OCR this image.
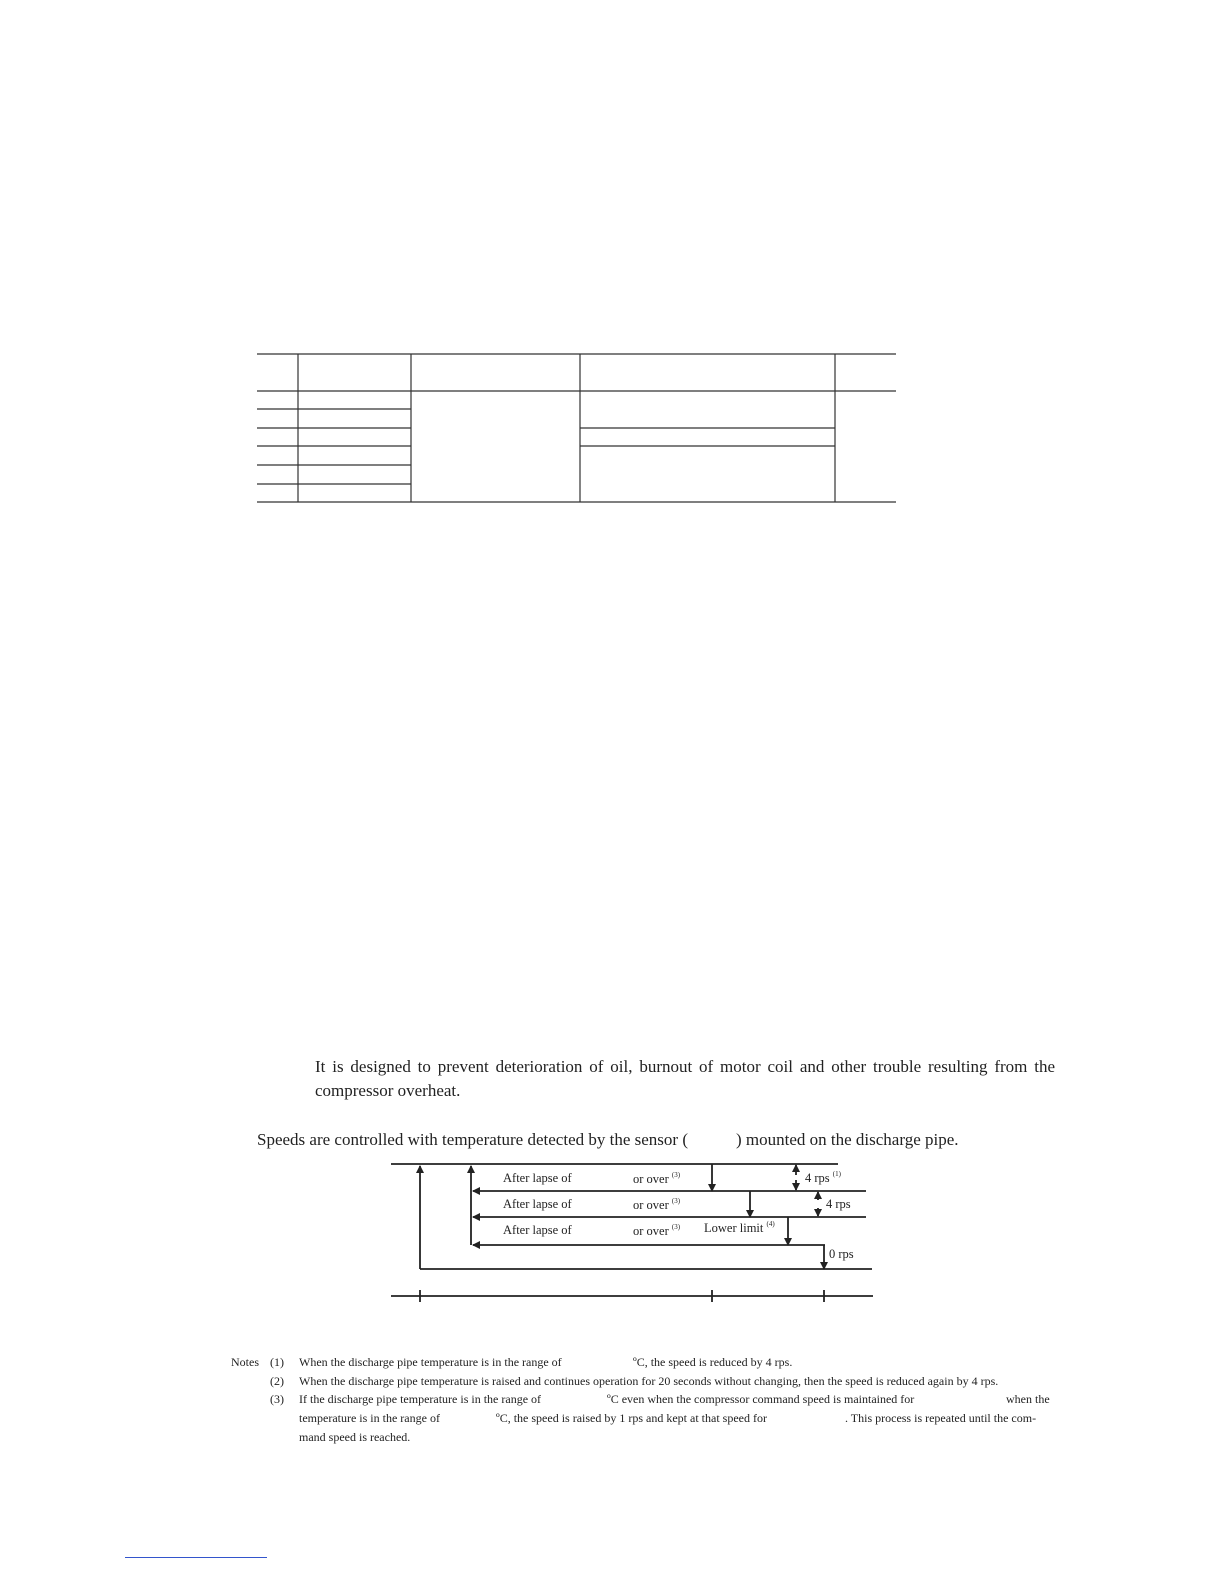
It is designed to prevent deterioration of oil, burnout of motor coil and other trouble resulting from the compressor overheat.
Speeds are controlled with temperature detected by the sensor (	) mounted on the discharge pipe.
After lapse of	or over $^{(3)}$
After lapse of	or over $^{(3)}$
After lapse of	or over $^{(3)}$ Lower limit $^{(4)}$
4 rps $^{(1)}$
4 rps
0 rps
Notes (1) When the discharge pipe temperature is in the range of	ºC, the speed is reduced by 4 rps.
(2) When the discharge pipe temperature is raised and continues operation for 20 seconds without changing, then the speed is reduced again by 4 rps.
(3) If the discharge pipe temperature is in the range of	ºC even when the compressor command speed is maintained for	when the
temperature is in the range of	ºC, the speed is raised by 1 rps and kept at that speed for	. This process is repeated until the com-
mand speed is reached.
